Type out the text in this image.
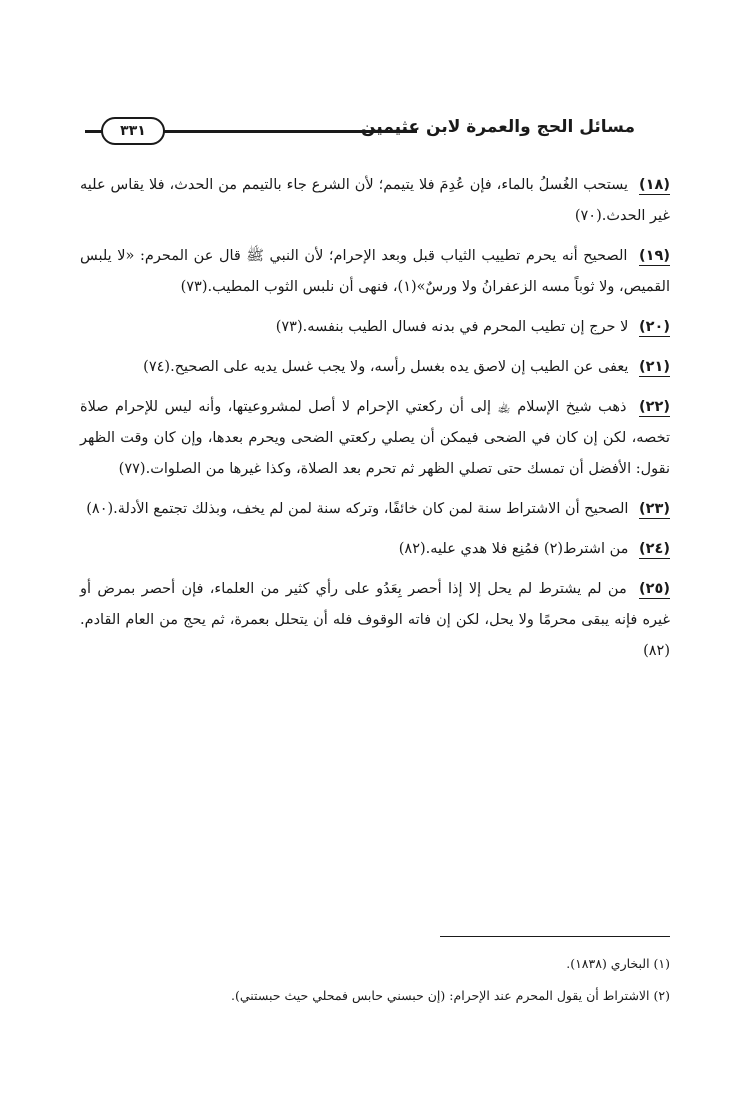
مسائل الحج والعمرة لابن عثيمين
٣٣١
(١٨) يستحب الغُسلُ بالماء، فإن عُدِمَ فلا يتيمم؛ لأن الشرع جاء بالتيمم من الحدث، فلا يقاس عليه غير الحدث.(٧٠)
(١٩) الصحيح أنه يحرم تطييب الثياب قبل وبعد الإحرام؛ لأن النبي ﷺ قال عن المحرم: «لا يلبس القميص، ولا ثوباً مسه الزعفرانُ ولا ورسٌ»(١)، فنهى أن نلبس الثوب المطيب.(٧٣)
(٢٠) لا حرج إن تطيب المحرم في بدنه فسال الطيب بنفسه.(٧٣)
(٢١) يعفى عن الطيب إن لاصق يده بغسل رأسه، ولا يجب غسل يديه على الصحيح.(٧٤)
(٢٢) ذهب شيخ الإسلام ﵀ إلى أن ركعتي الإحرام لا أصل لمشروعيتها، وأنه ليس للإحرام صلاة تخصه، لكن إن كان في الضحى فيمكن أن يصلي ركعتي الضحى ويحرم بعدها، وإن كان وقت الظهر نقول: الأفضل أن تمسك حتى تصلي الظهر ثم تحرم بعد الصلاة، وكذا غيرها من الصلوات.(٧٧)
(٢٣) الصحيح أن الاشتراط سنة لمن كان خائفًا، وتركه سنة لمن لم يخف، وبذلك تجتمع الأدلة.(٨٠)
(٢٤) من اشترط(٢) فمُنِع فلا هدي عليه.(٨٢)
(٢٥) من لم يشترط لم يحل إلا إذا أحصر بِعَدُو على رأي كثير من العلماء، فإن أحصر بمرض أو غيره فإنه يبقى محرمًا ولا يحل، لكن إن فاته الوقوف فله أن يتحلل بعمرة، ثم يحج من العام القادم.(٨٢)
(١) البخاري (١٨٣٨).
(٢) الاشتراط أن يقول المحرم عند الإحرام: (إن حبسني حابس فمحلي حيث حبستني).
